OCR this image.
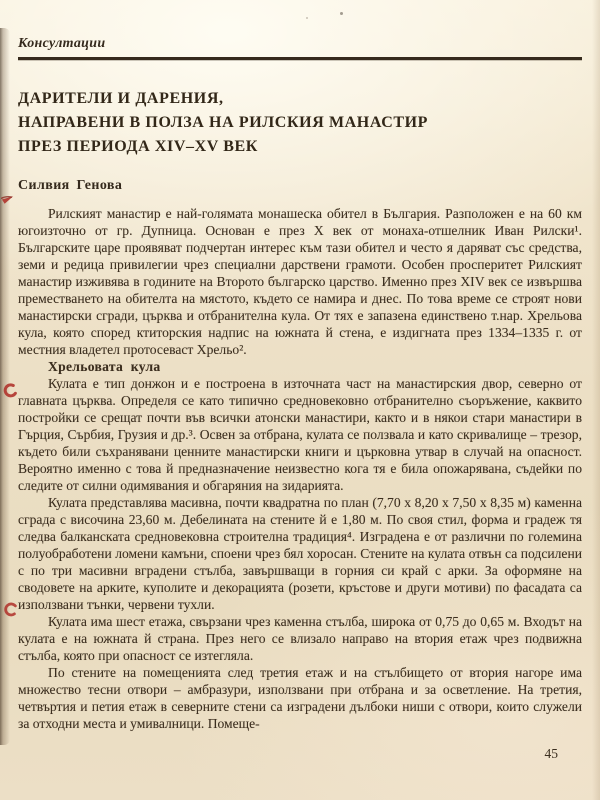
Консултации
ДАРИТЕЛИ И ДАРЕНИЯ,
НАПРАВЕНИ В ПОЛЗА НА РИЛСКИЯ МАНАСТИР
ПРЕЗ ПЕРИОДА XIV–XV ВЕК
Силвия Генова

Рилският манастир е най-голямата монашеска обител в България. Разположен е на 60 км югоизточно от гр. Дупница. Основан е през X век от монаха-отшелник Иван Рилски¹. Българските царе проявяват подчертан интерес към тази обител и често я даряват със средства, земи и редица привилегии чрез специални дарствени грамоти. Особен просперитет Рилският манастир изживява в годините на Второто българско царство. Именно през XIV век се извършва преместването на обителта на мястото, където се намира и днес. По това време се строят нови манастирски сгради, църква и отбранителна кула. От тях е запазена единствено т.нар. Хрельова кула, която според ктиторския надпис на южната й стена, е издигната през 1334–1335 г. от местния владетел протосеваст Хрельо².

Хрельовата кула

Кулата е тип донжон и е построена в източната част на манастирския двор, северно от главната църква. Определя се като типично средновековно отбранително съоръжение, каквито постройки се срещат почти във всички атонски манастири, както и в някои стари манастири в Гърция, Сърбия, Грузия и др.³. Освен за отбрана, кулата се ползвала и като скривалище – трезор, където били съхранявани ценните манастирски книги и църковна утвар в случай на опасност. Вероятно именно с това й предназначение неизвестно кога тя е била опожарявана, съдейки по следите от силни одимявания и обгаряния на зидарията.

Кулата представлява масивна, почти квадратна по план (7,70 х 8,20 х 7,50 х 8,35 м) каменна сграда с височина 23,60 м. Дебелината на стените й е 1,80 м. По своя стил, форма и градеж тя следва балканската средновековна строителна традиция⁴. Изградена е от различни по големина полуобработени ломени камъни, споени чрез бял хоросан. Стените на кулата отвън са подсилени с по три масивни вградени стълба, завършващи в горния си край с арки. За оформяне на сводовете на арките, куполите и декорацията (розети, кръстове и други мотиви) по фасадата са използвани тънки, червени тухли.

Кулата има шест етажа, свързани чрез каменна стълба, широка от 0,75 до 0,65 м. Входът на кулата е на южната й страна. През него се влизало направо на втория етаж чрез подвижна стълба, която при опасност се изтегляла.

По стените на помещенията след третия етаж и на стълбището от втория нагоре има множество тесни отвори – амбразури, използвани при отбрана и за осветление. На третия, четвъртия и петия етаж в северните стени са изградени дълбоки ниши с отвори, които служели за отходни места и умивалници. Помеще-

45
